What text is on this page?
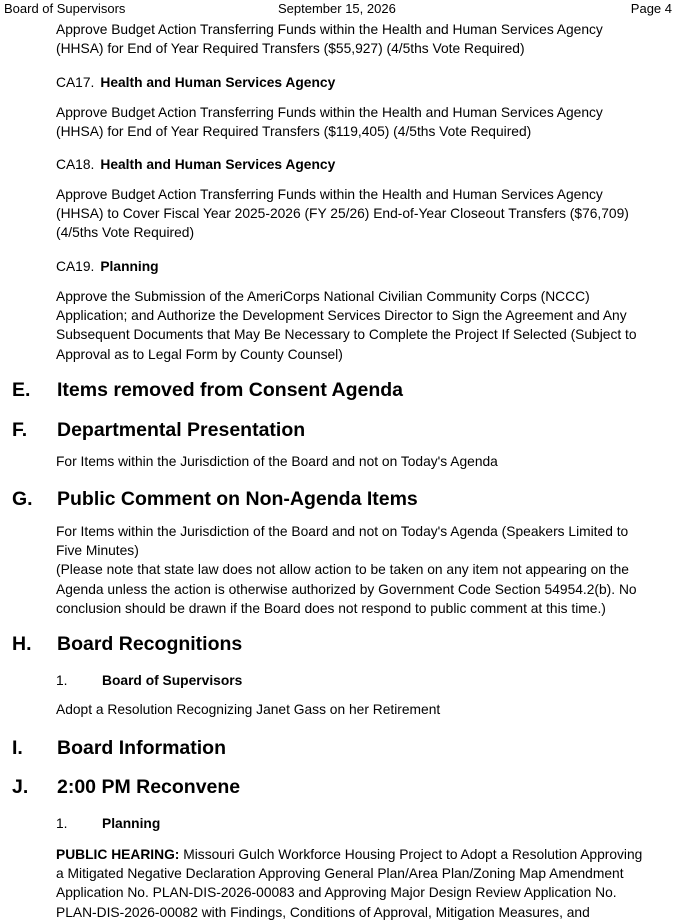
Board of Supervisors	September 15, 2026	Page 4
Approve Budget Action Transferring Funds within the Health and Human Services Agency
(HHSA) for End of Year Required Transfers ($55,927) (4/5ths Vote Required)
CA17. Health and Human Services Agency
Approve Budget Action Transferring Funds within the Health and Human Services Agency
(HHSA) for End of Year Required Transfers ($119,405) (4/5ths Vote Required)
CA18. Health and Human Services Agency
Approve Budget Action Transferring Funds within the Health and Human Services Agency
(HHSA) to Cover Fiscal Year 2025-2026 (FY 25/26) End-of-Year Closeout Transfers ($76,709)
(4/5ths Vote Required)
CA19. Planning
Approve the Submission of the AmeriCorps National Civilian Community Corps (NCCC)
Application; and Authorize the Development Services Director to Sign the Agreement and Any
Subsequent Documents that May Be Necessary to Complete the Project If Selected (Subject to
Approval as to Legal Form by County Counsel)
E. Items removed from Consent Agenda
F. Departmental Presentation
For Items within the Jurisdiction of the Board and not on Today's Agenda
G. Public Comment on Non-Agenda Items
For Items within the Jurisdiction of the Board and not on Today's Agenda (Speakers Limited to
Five Minutes)
(Please note that state law does not allow action to be taken on any item not appearing on the
Agenda unless the action is otherwise authorized by Government Code Section 54954.2(b). No
conclusion should be drawn if the Board does not respond to public comment at this time.)
H. Board Recognitions
1. Board of Supervisors
Adopt a Resolution Recognizing Janet Gass on her Retirement
I. Board Information
J. 2:00 PM Reconvene
1. Planning
PUBLIC HEARING: Missouri Gulch Workforce Housing Project to Adopt a Resolution Approving
a Mitigated Negative Declaration Approving General Plan/Area Plan/Zoning Map Amendment
Application No. PLAN-DIS-2026-00083 and Approving Major Design Review Application No.
PLAN-DIS-2026-00082 with Findings, Conditions of Approval, Mitigation Measures, and
